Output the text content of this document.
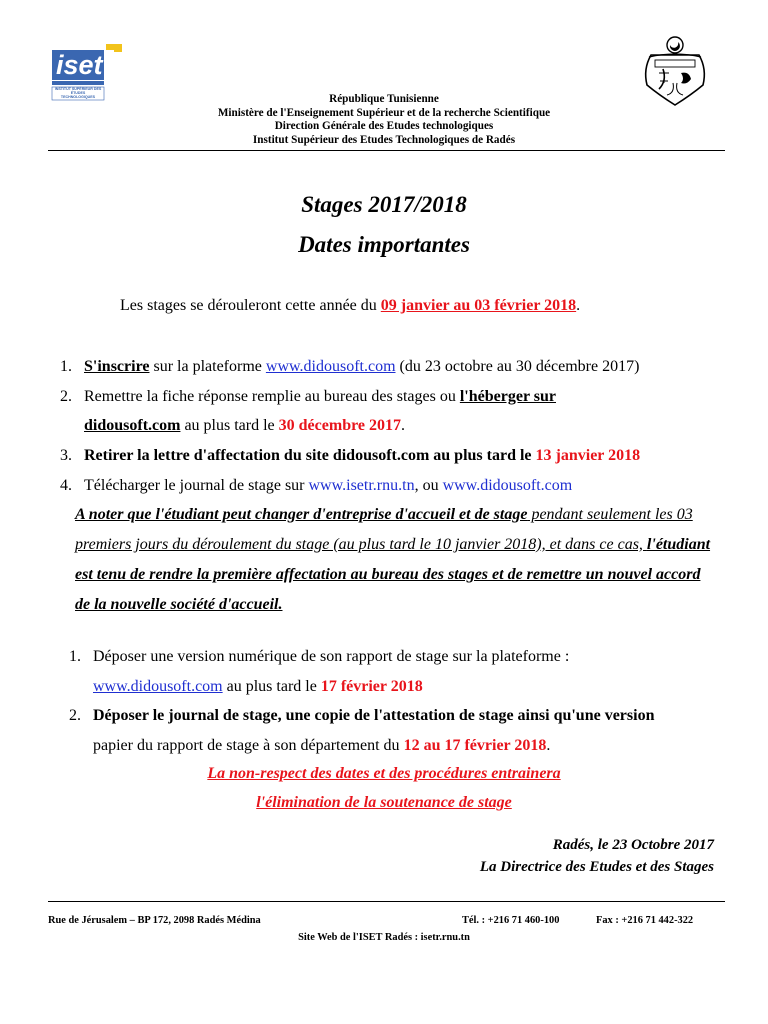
iset
INSTITUT SUPÉRIEUR DES ÉTUDES TECHNOLOGIQUES	République Tunisienne
Ministère de l'Enseignement Supérieur et de la recherche Scientifique
Direction Générale des Etudes technologiques
Institut Supérieur des Etudes Technologiques de Radés
Stages 2017/2018
Dates importantes
Les stages se dérouleront cette année du 09 janvier au 03 février 2018.
1. S'inscrire sur la plateforme www.didousoft.com (du 23 octobre au 30 décembre 2017)
2. Remettre la fiche réponse remplie au bureau des stages ou l'héberger sur
didousoft.com au plus tard le 30 décembre 2017.
3. Retirer la lettre d'affectation du site didousoft.com au plus tard le 13 janvier 2018
4. Télécharger le journal de stage sur www.isetr.rnu.tn, ou www.didousoft.com
A noter que l'étudiant peut changer d'entreprise d'accueil et de stage pendant seulement les 03 premiers jours du déroulement du stage (au plus tard le 10 janvier 2018), et dans ce cas, l'étudiant est tenu de rendre la première affectation au bureau des stages et de remettre un nouvel accord de la nouvelle société d'accueil.
1. Déposer une version numérique de son rapport de stage sur la plateforme :
www.didousoft.com au plus tard le 17 février 2018
2. Déposer le journal de stage, une copie de l'attestation de stage ainsi qu'une version
papier du rapport de stage à son département du 12 au 17 février 2018.
La non-respect des dates et des procédures entrainera
l'élimination de la soutenance de stage
Radés, le 23 Octobre 2017
La Directrice des Etudes et des Stages
Rue de Jérusalem – BP 172, 2098 Radés Médina	Tél. : +216 71 460-100	Fax : +216 71 442-322
Site Web de l'ISET Radés : isetr.rnu.tn
